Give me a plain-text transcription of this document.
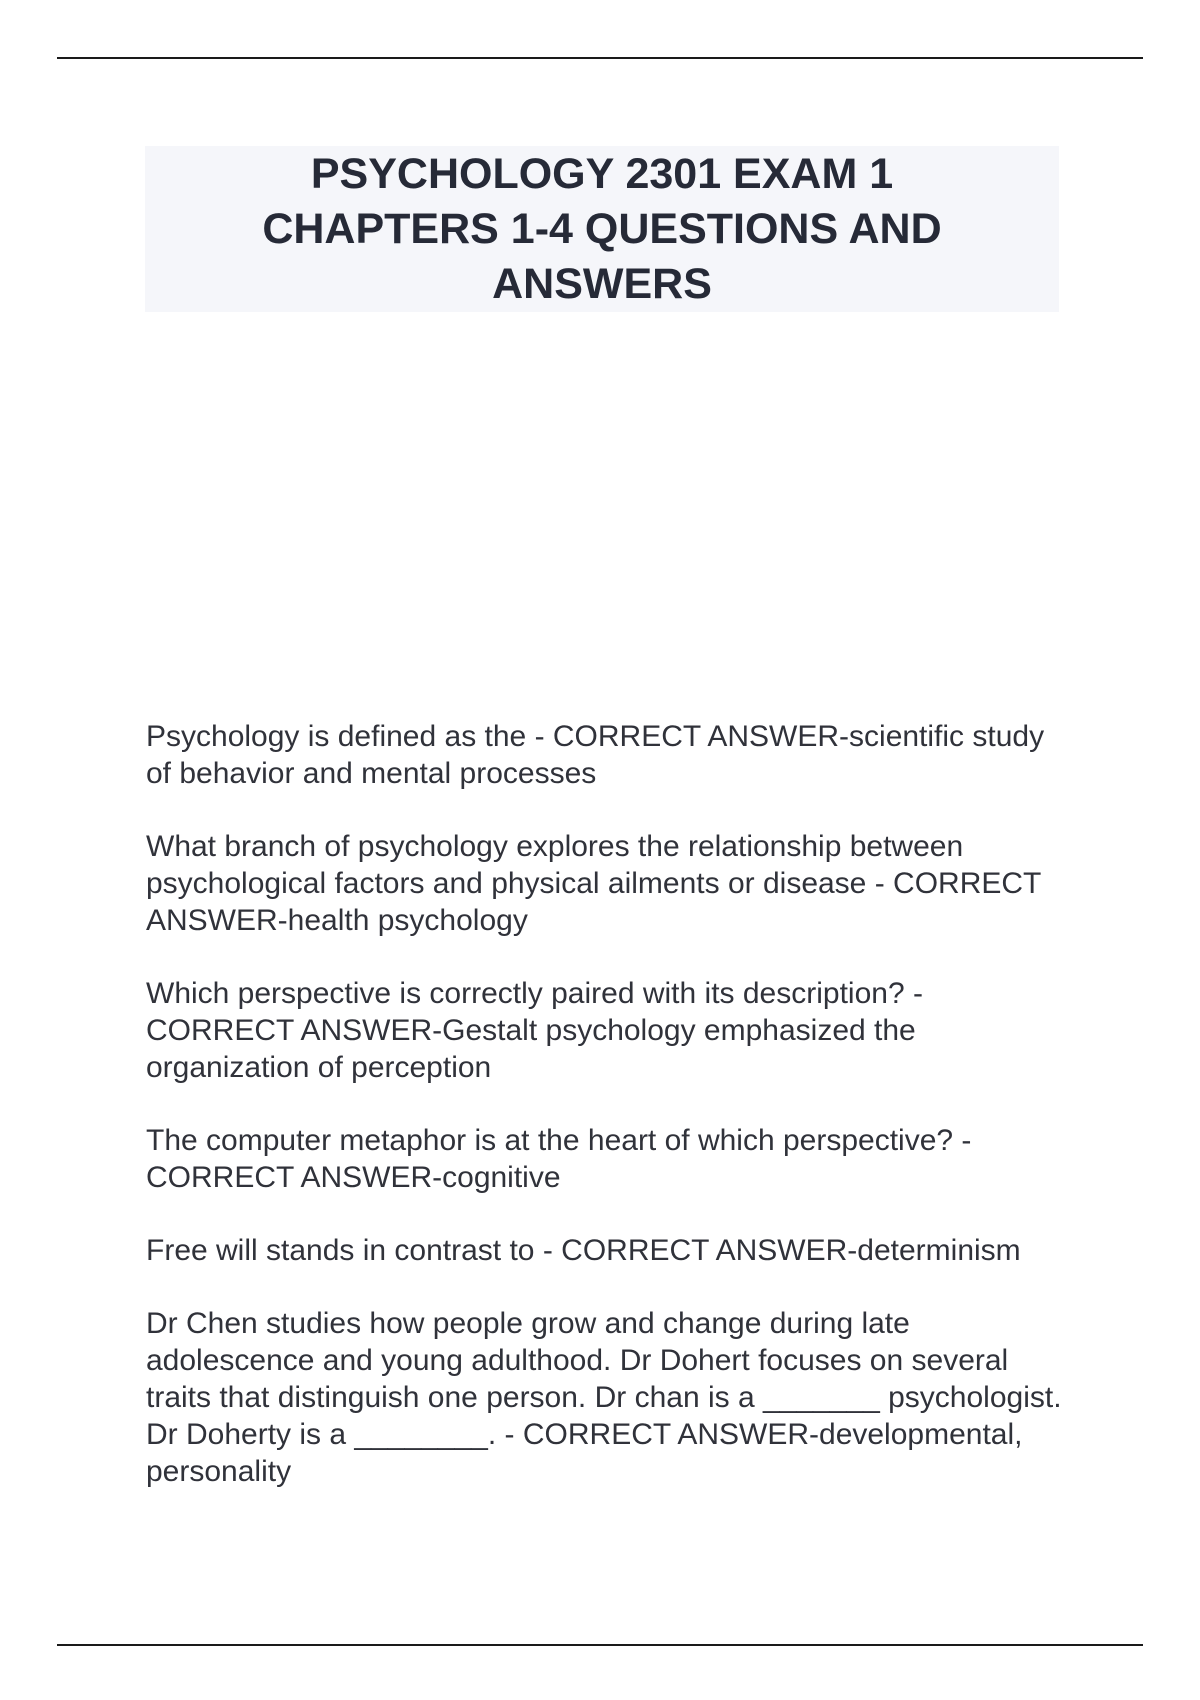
PSYCHOLOGY 2301 EXAM 1 CHAPTERS 1-4 QUESTIONS AND ANSWERS

Psychology is defined as the - CORRECT ANSWER-scientific study of behavior and mental processes

What branch of psychology explores the relationship between psychological factors and physical ailments or disease - CORRECT ANSWER-health psychology

Which perspective is correctly paired with its description? - CORRECT ANSWER-Gestalt psychology emphasized the organization of perception

The computer metaphor is at the heart of which perspective? - CORRECT ANSWER-cognitive

Free will stands in contrast to - CORRECT ANSWER-determinism

Dr Chen studies how people grow and change during late adolescence and young adulthood. Dr Dohert focuses on several traits that distinguish one person. Dr chan is a _______ psychologist. Dr Doherty is a ________. - CORRECT ANSWER-developmental, personality
